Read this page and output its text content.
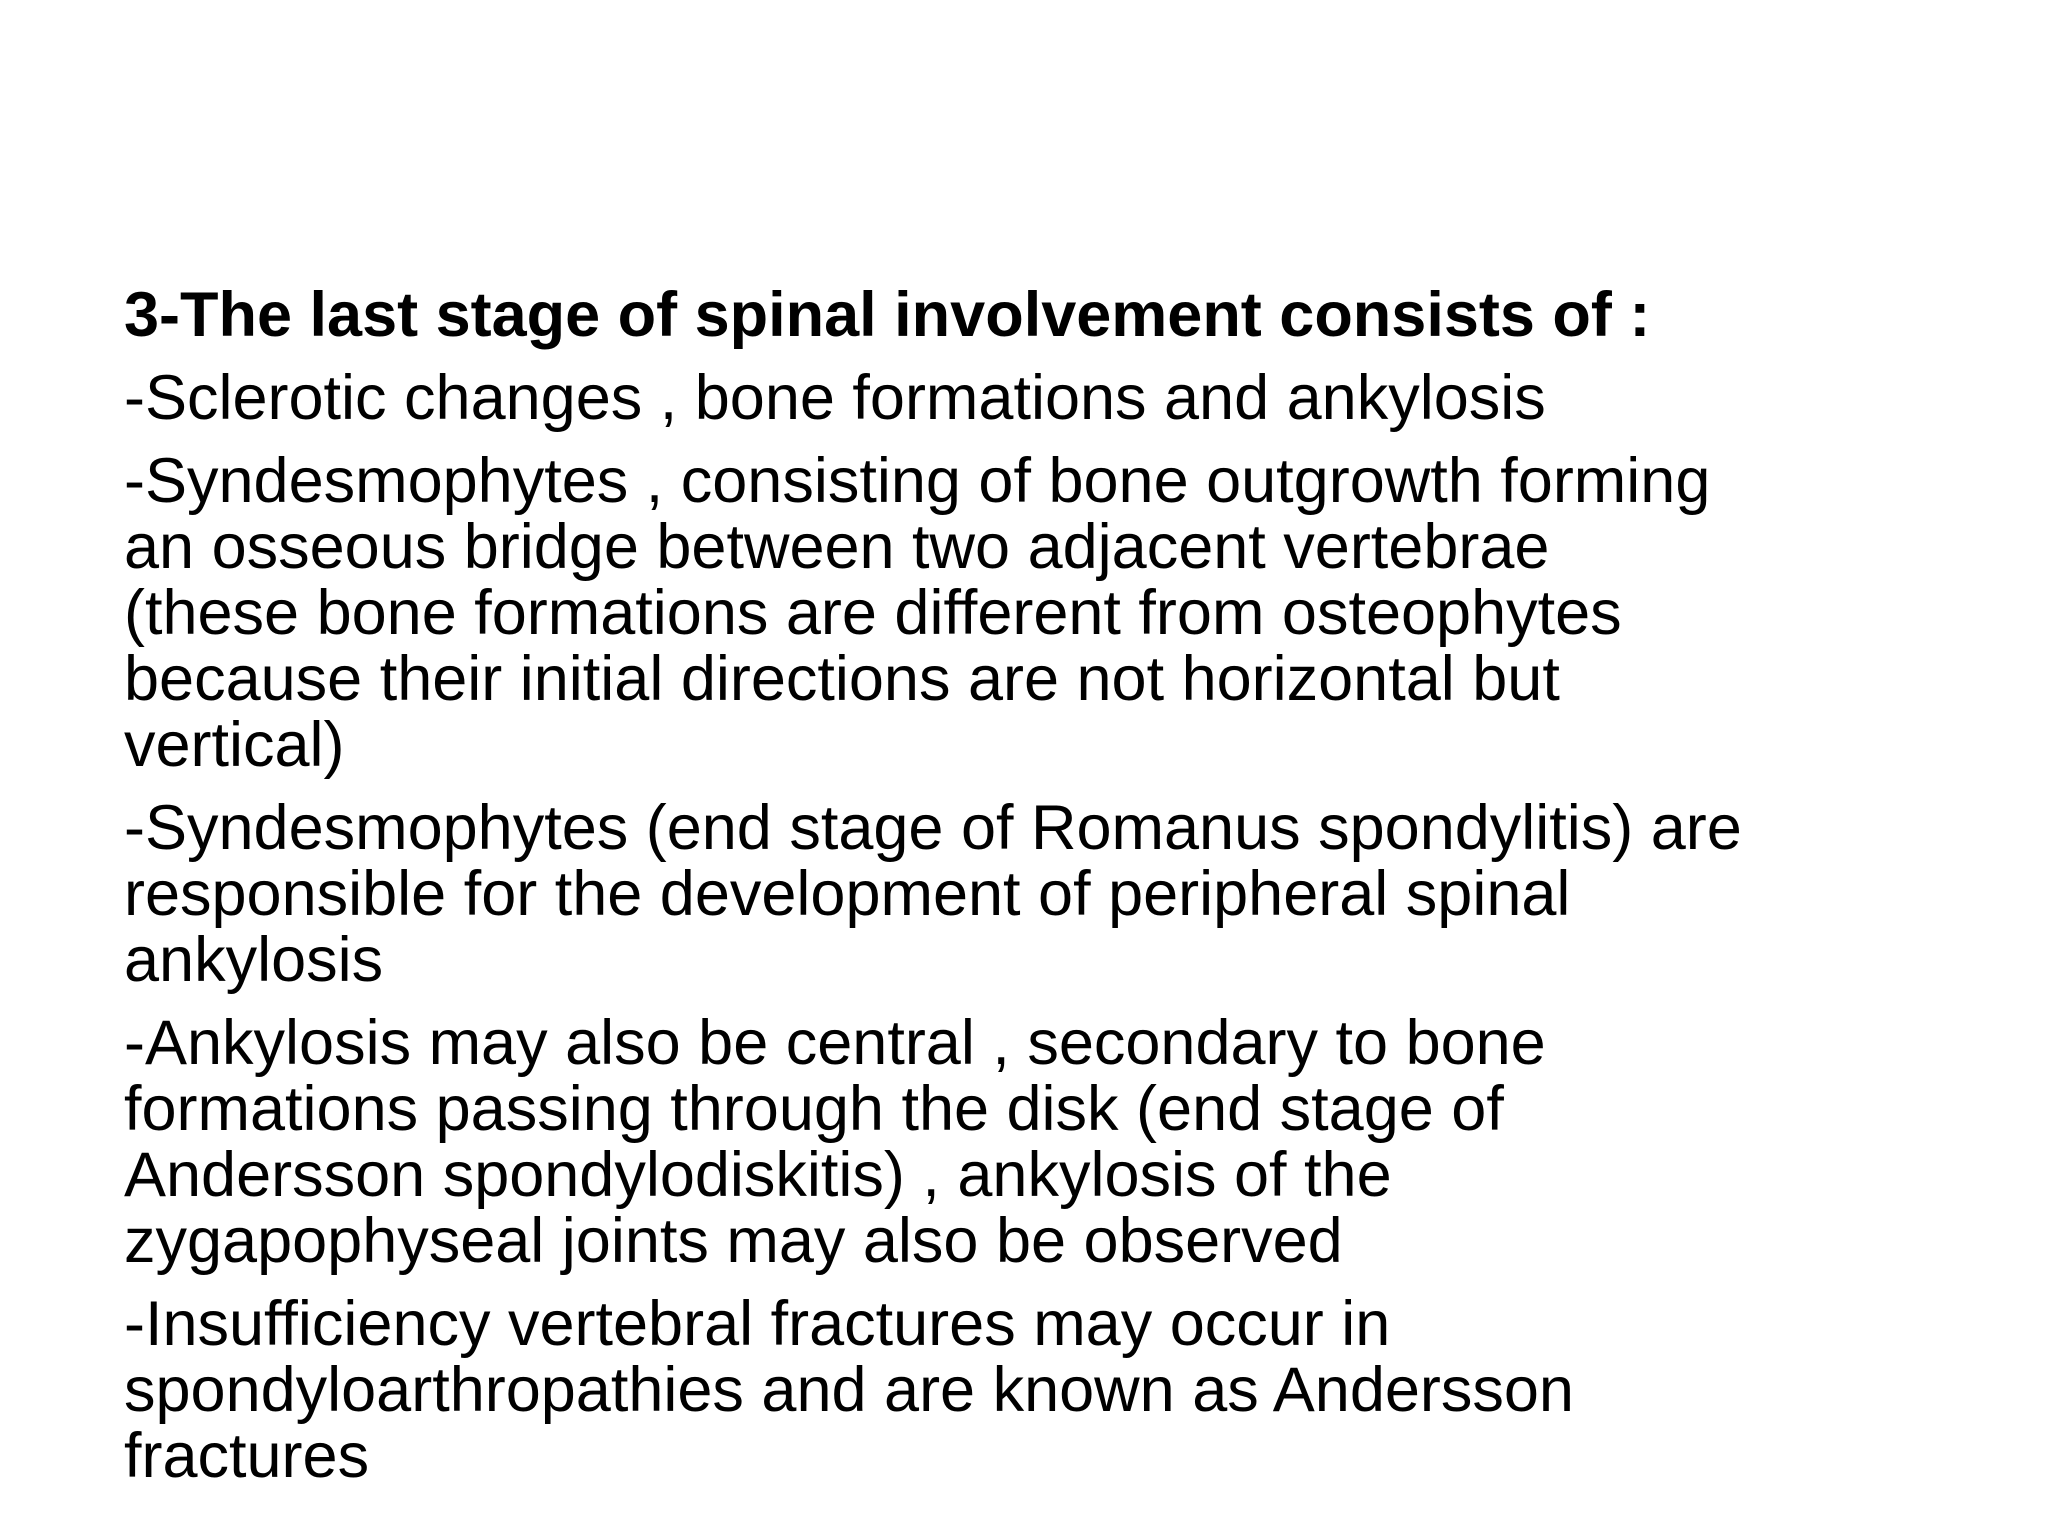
3-The last stage of spinal involvement consists of :
-Sclerotic changes , bone formations and ankylosis
-Syndesmophytes , consisting of bone outgrowth forming
an osseous bridge between two adjacent vertebrae
(these bone formations are different from osteophytes
because their initial directions are not horizontal but
vertical)
-Syndesmophytes (end stage of Romanus spondylitis) are
responsible for the development of peripheral spinal
ankylosis
-Ankylosis may also be central , secondary to bone
formations passing through the disk (end stage of
Andersson spondylodiskitis) , ankylosis of the
zygapophyseal joints may also be observed
-Insufficiency vertebral fractures may occur in
spondyloarthropathies and are known as Andersson
fractures
